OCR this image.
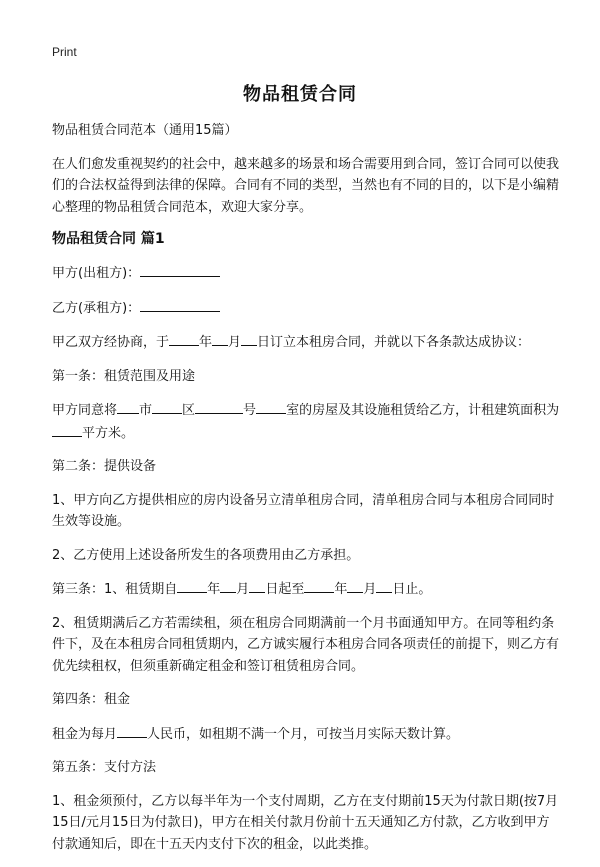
Print
物品租赁合同

物品租赁合同范本（通用15篇）

在人们愈发重视契约的社会中，越来越多的场景和场合需要用到合同，签订合同可以使我们的合法权益得到法律的保障。合同有不同的类型，当然也有不同的目的，以下是小编精心整理的物品租赁合同范本，欢迎大家分享。

物品租赁合同 篇1

甲方(出租方)：

乙方(承租方)：

甲乙双方经协商，于 年 月 日订立本租房合同，并就以下各条款达成协议：

第一条：租赁范围及用途

甲方同意将 市 区	号 室的房屋及其设施租赁给乙方，计租建筑面积为平方米。

第二条：提供设备

1、甲方向乙方提供相应的房内设备另立清单租房合同，清单租房合同与本租房合同同时生效等设施。

2、乙方使用上述设备所发生的各项费用由乙方承担。

第三条：1、租赁期自 年 月 日起至 年 月 日止。

2、租赁期满后乙方若需续租，须在租房合同期满前一个月书面通知甲方。在同等租约条件下，及在本租房合同租赁期内，乙方诚实履行本租房合同各项责任的前提下，则乙方有优先续租权，但须重新确定租金和签订租赁租房合同。

第四条：租金

租金为每月 人民币，如租期不满一个月，可按当月实际天数计算。

第五条：支付方法

1、租金须预付，乙方以每半年为一个支付周期，乙方在支付期前15天为付款日期(按7月15日/元月15日为付款日)，甲方在相关付款月份前十五天通知乙方付款，乙方收到甲方付款通知后，即在十五天内支付下次的租金，以此类推。
